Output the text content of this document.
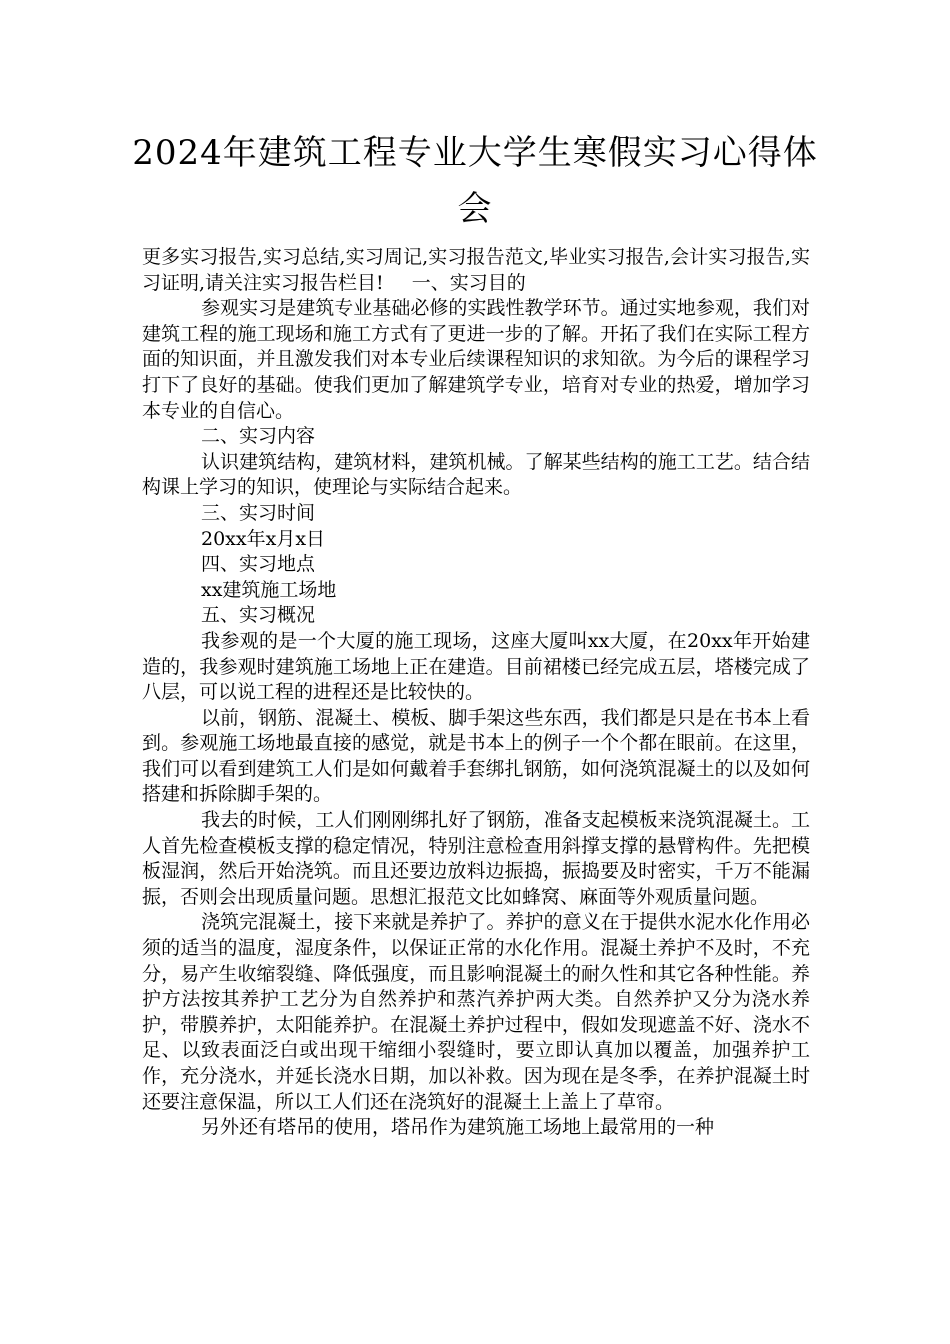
2024年建筑工程专业大学生寒假实习心得体会

更多实习报告,实习总结,实习周记,实习报告范文,毕业实习报告,会计实习报告,实习证明,请关注实习报告栏目! 一、实习目的

参观实习是建筑专业基础必修的实践性教学环节。通过实地参观，我们对建筑工程的施工现场和施工方式有了更进一步的了解。开拓了我们在实际工程方面的知识面，并且激发我们对本专业后续课程知识的求知欲。为今后的课程学习打下了良好的基础。使我们更加了解建筑学专业，培育对专业的热爱，增加学习本专业的自信心。

二、实习内容

认识建筑结构，建筑材料，建筑机械。了解某些结构的施工工艺。结合结构课上学习的知识，使理论与实际结合起来。

三、实习时间

20xx年x月x日

四、实习地点

xx建筑施工场地

五、实习概况

我参观的是一个大厦的施工现场，这座大厦叫xx大厦，在20xx年开始建造的，我参观时建筑施工场地上正在建造。目前裙楼已经完成五层，塔楼完成了八层，可以说工程的进程还是比较快的。

以前，钢筋、混凝土、模板、脚手架这些东西，我们都是只是在书本上看到。参观施工场地最直接的感觉，就是书本上的例子一个个都在眼前。在这里，我们可以看到建筑工人们是如何戴着手套绑扎钢筋，如何浇筑混凝土的以及如何搭建和拆除脚手架的。

我去的时候，工人们刚刚绑扎好了钢筋，准备支起模板来浇筑混凝土。工人首先检查模板支撑的稳定情况，特别注意检查用斜撑支撑的悬臂构件。先把模板湿润，然后开始浇筑。而且还要边放料边振捣，振捣要及时密实，千万不能漏振，否则会出现质量问题。思想汇报范文比如蜂窝、麻面等外观质量问题。

浇筑完混凝土，接下来就是养护了。养护的意义在于提供水泥水化作用必须的适当的温度，湿度条件，以保证正常的水化作用。混凝土养护不及时，不充分，易产生收缩裂缝、降低强度，而且影响混凝土的耐久性和其它各种性能。养护方法按其养护工艺分为自然养护和蒸汽养护两大类。自然养护又分为浇水养护，带膜养护，太阳能养护。在混凝土养护过程中，假如发现遮盖不好、浇水不足、以致表面泛白或出现干缩细小裂缝时，要立即认真加以覆盖，加强养护工作，充分浇水，并延长浇水日期，加以补救。因为现在是冬季，在养护混凝土时还要注意保温，所以工人们还在浇筑好的混凝土上盖上了草帘。

另外还有塔吊的使用，塔吊作为建筑施工场地上最常用的一种
